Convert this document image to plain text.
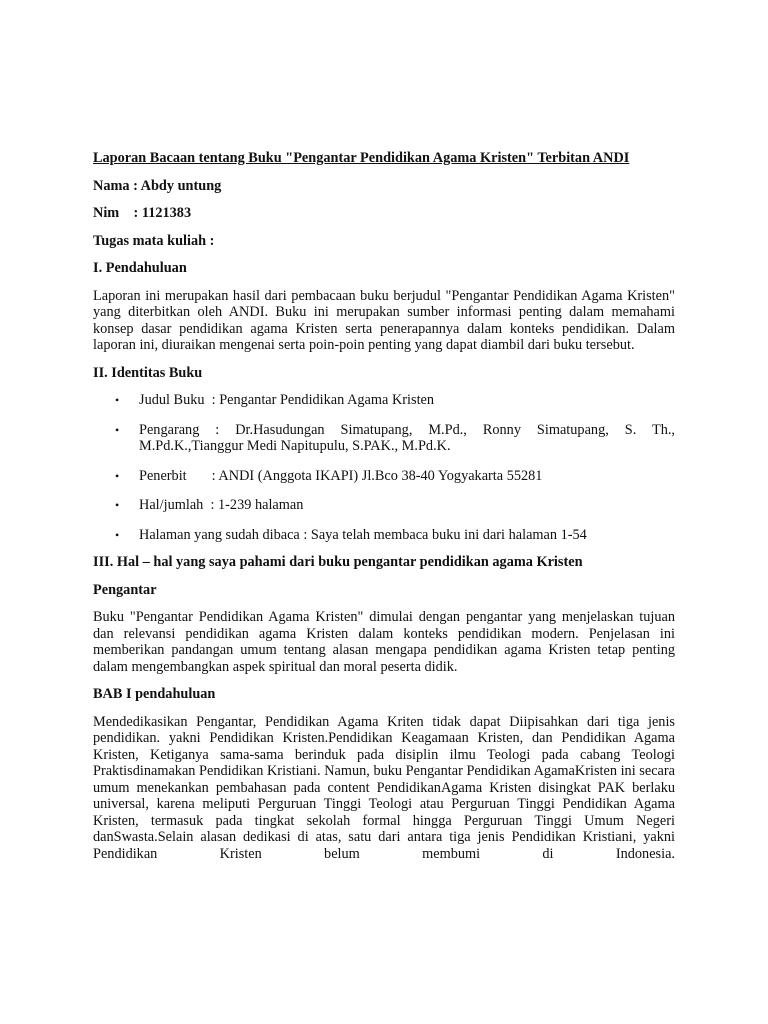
Laporan Bacaan tentang Buku "Pengantar Pendidikan Agama Kristen" Terbitan ANDI

Nama : Abdy untung

Nim    : 1121383

Tugas mata kuliah :

I. Pendahuluan

Laporan ini merupakan hasil dari pembacaan buku berjudul "Pengantar Pendidikan Agama Kristen" yang diterbitkan oleh ANDI. Buku ini merupakan sumber informasi penting dalam memahami konsep dasar pendidikan agama Kristen serta penerapannya dalam konteks pendidikan. Dalam laporan ini, diuraikan mengenai serta poin-poin penting yang dapat diambil dari buku tersebut.

II. Identitas Buku

• Judul Buku  : Pengantar Pendidikan Agama Kristen
• Pengarang : Dr.Hasudungan Simatupang, M.Pd., Ronny Simatupang, S. Th., M.Pd.K.,Tianggur Medi Napitupulu, S.PAK., M.Pd.K.
• Penerbit       : ANDI (Anggota IKAPI) Jl.Bco 38-40 Yogyakarta 55281
• Hal/jumlah  : 1-239 halaman
• Halaman yang sudah dibaca : Saya telah membaca buku ini dari halaman 1-54

III. Hal – hal yang saya pahami dari buku pengantar pendidikan agama Kristen

Pengantar

Buku "Pengantar Pendidikan Agama Kristen" dimulai dengan pengantar yang menjelaskan tujuan dan relevansi pendidikan agama Kristen dalam konteks pendidikan modern. Penjelasan ini memberikan pandangan umum tentang alasan mengapa pendidikan agama Kristen tetap penting dalam mengembangkan aspek spiritual dan moral peserta didik.

BAB I pendahuluan

Mendedikasikan Pengantar, Pendidikan Agama Kriten tidak dapat Diipisahkan dari tiga jenis pendidikan. yakni Pendidikan Kristen.Pendidikan Keagamaan Kristen, dan Pendidikan Agama Kristen, Ketiganya sama-sama berinduk pada disiplin ilmu Teologi pada cabang Teologi Praktisdinamakan Pendidikan Kristiani. Namun, buku Pengantar Pendidikan AgamaKristen ini secara umum menekankan pembahasan pada content PendidikanAgama Kristen disingkat PAK berlaku universal, karena meliputi Perguruan Tinggi Teologi atau Perguruan Tinggi Pendidikan Agama Kristen, termasuk pada tingkat sekolah formal hingga Perguruan Tinggi Umum Negeri danSwasta.Selain alasan dedikasi di atas, satu dari antara tiga jenis Pendidikan Kristiani, yakni Pendidikan Kristen belum membumi di Indonesia.
